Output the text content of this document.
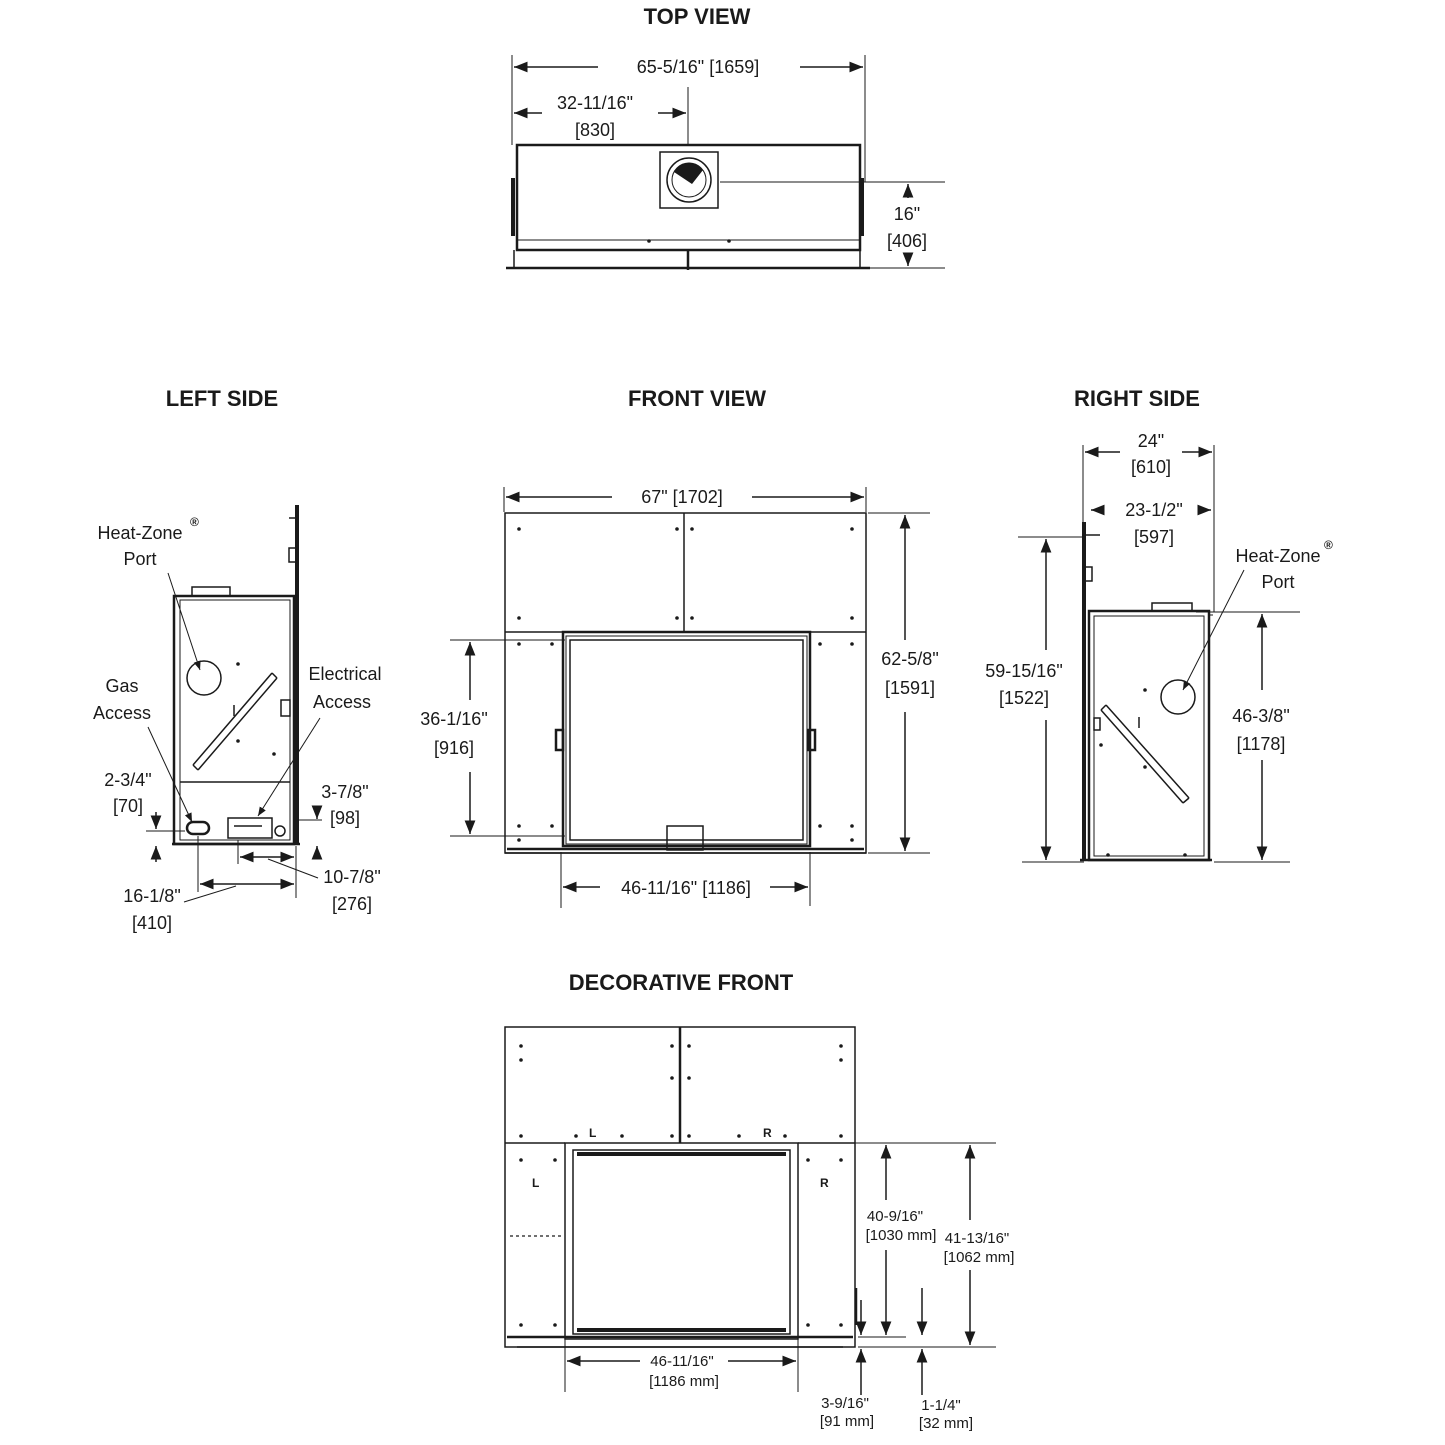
TOP VIEW
65-5/16" [1659]
32-11/16"
[830]
16"
[406]
LEFT SIDE
Heat-Zone
®
Port
Gas
Access
Electrical
Access
2-3/4"
[70]
3-7/8"
[98]
16-1/8"
[410]
10-7/8"
[276]
FRONT VIEW
67" [1702]
36-1/16"
[916]
62-5/8"
[1591]
46-11/16" [1186]
RIGHT SIDE
24"
[610]
23-1/2"
[597]
Heat-Zone
®
Port
59-15/16"
[1522]
46-3/8"
[1178]
DECORATIVE FRONT
L	R
L	R
40-9/16"
[1030 mm] 41-13/16"
[1062 mm]
3-9/16"
[91 mm]
1-1/4"
[32 mm]
46-11/16"
[1186 mm]
